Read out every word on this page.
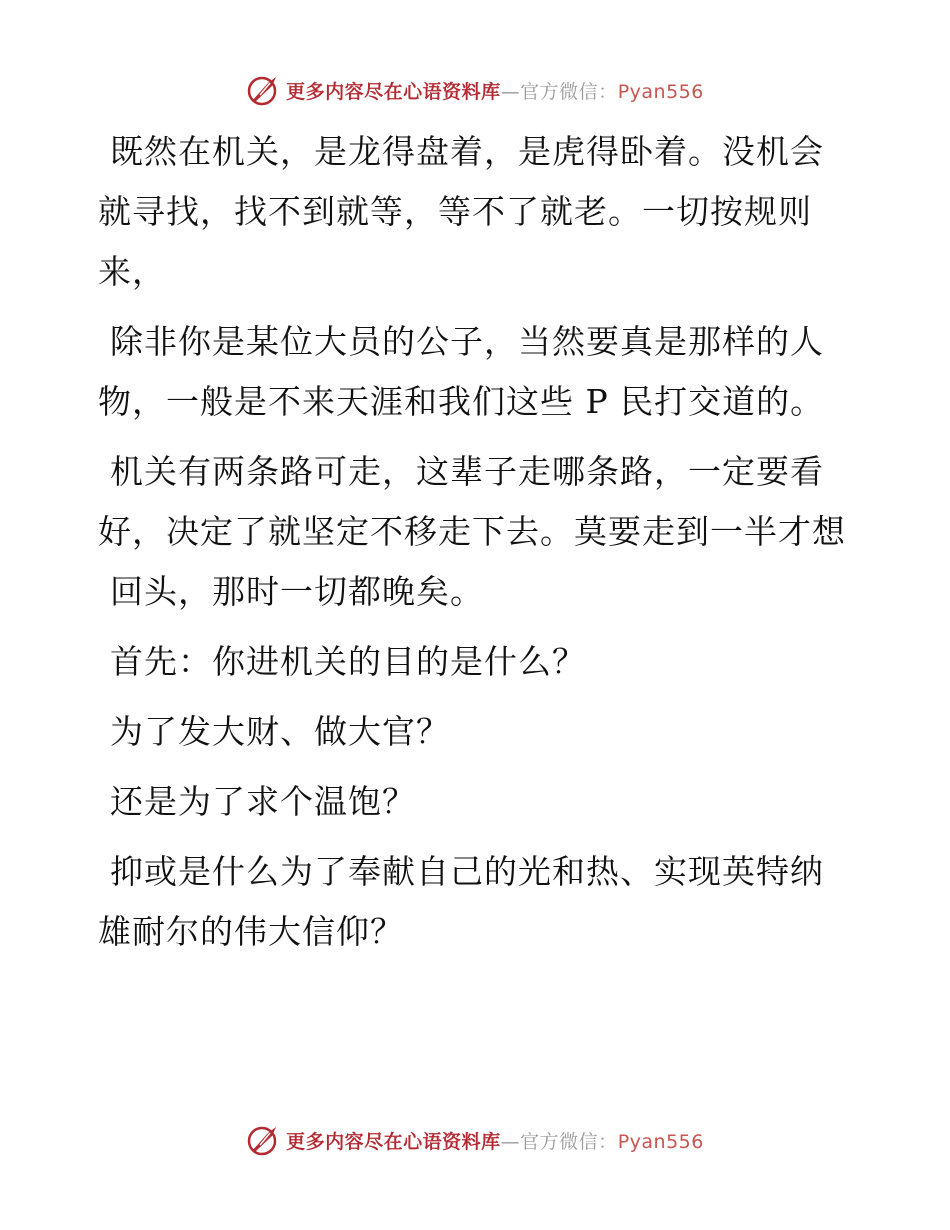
更多内容尽在心语资料库—官方微信：Pyan556

既然在机关，是龙得盘着，是虎得卧着。没机会
就寻找，找不到就等，等不了就老。一切按规则
来，

除非你是某位大员的公子，当然要真是那样的人
物，一般是不来天涯和我们这些 P 民打交道的。

机关有两条路可走，这辈子走哪条路，一定要看
好，决定了就坚定不移走下去。莫要走到一半才想
回头，那时一切都晚矣。

首先：你进机关的目的是什么？

为了发大财、做大官？

还是为了求个温饱？

抑或是什么为了奉献自己的光和热、实现英特纳
雄耐尔的伟大信仰？

更多内容尽在心语资料库—官方微信：Pyan556
